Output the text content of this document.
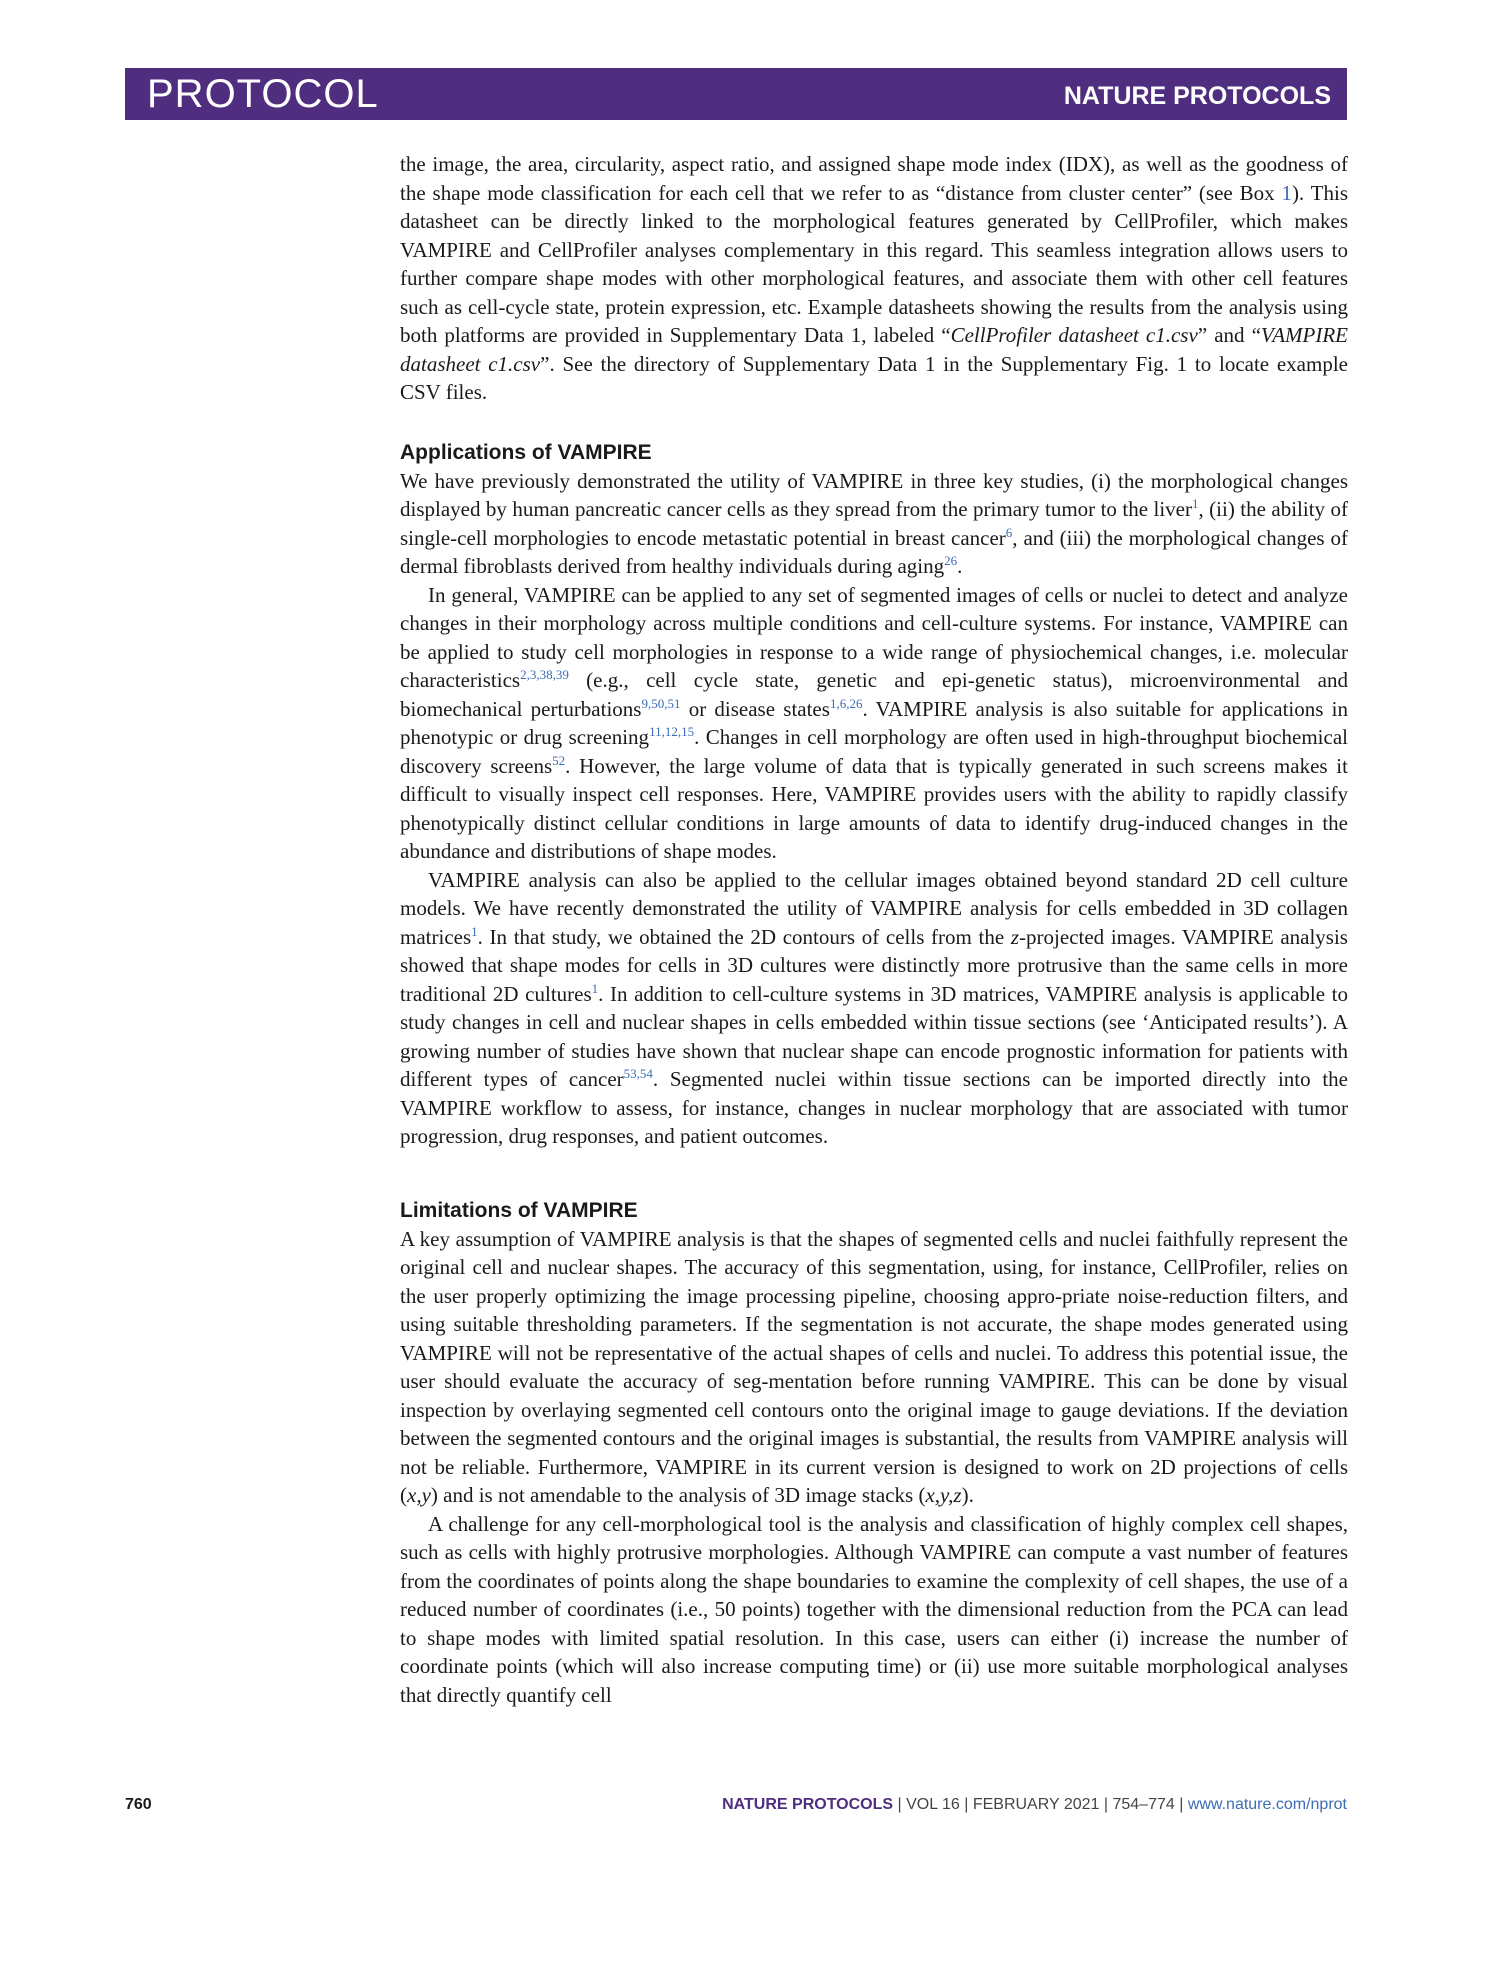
PROTOCOL	NATURE PROTOCOLS

the image, the area, circularity, aspect ratio, and assigned shape mode index (IDX), as well as the goodness of the shape mode classification for each cell that we refer to as “distance from cluster center” (see Box 1). This datasheet can be directly linked to the morphological features generated by CellProfiler, which makes VAMPIRE and CellProfiler analyses complementary in this regard. This seamless integration allows users to further compare shape modes with other morphological features, and associate them with other cell features such as cell-cycle state, protein expression, etc. Example datasheets showing the results from the analysis using both platforms are provided in Supplementary Data 1, labeled “CellProfiler datasheet c1.csv” and “VAMPIRE datasheet c1.csv”. See the directory of Supplementary Data 1 in the Supplementary Fig. 1 to locate example CSV files.

Applications of VAMPIRE

We have previously demonstrated the utility of VAMPIRE in three key studies, (i) the morphological changes displayed by human pancreatic cancer cells as they spread from the primary tumor to the liver$^1$, (ii) the ability of single-cell morphologies to encode metastatic potential in breast cancer$^6$, and (iii) the morphological changes of dermal fibroblasts derived from healthy individuals during aging$^{26}$.

In general, VAMPIRE can be applied to any set of segmented images of cells or nuclei to detect and analyze changes in their morphology across multiple conditions and cell-culture systems. For instance, VAMPIRE can be applied to study cell morphologies in response to a wide range of physiochemical changes, i.e. molecular characteristics$^{2,3,38,39}$ (e.g., cell cycle state, genetic and epi-genetic status), microenvironmental and biomechanical perturbations$^{9,50,51}$ or disease states$^{1,6,26}$. VAMPIRE analysis is also suitable for applications in phenotypic or drug screening$^{11,12,15}$. Changes in cell morphology are often used in high-throughput biochemical discovery screens$^{52}$. However, the large volume of data that is typically generated in such screens makes it difficult to visually inspect cell responses. Here, VAMPIRE provides users with the ability to rapidly classify phenotypically distinct cellular conditions in large amounts of data to identify drug-induced changes in the abundance and distributions of shape modes.

VAMPIRE analysis can also be applied to the cellular images obtained beyond standard 2D cell culture models. We have recently demonstrated the utility of VAMPIRE analysis for cells embedded in 3D collagen matrices$^1$. In that study, we obtained the 2D contours of cells from the z-projected images. VAMPIRE analysis showed that shape modes for cells in 3D cultures were distinctly more protrusive than the same cells in more traditional 2D cultures$^1$. In addition to cell-culture systems in 3D matrices, VAMPIRE analysis is applicable to study changes in cell and nuclear shapes in cells embedded within tissue sections (see ‘Anticipated results’). A growing number of studies have shown that nuclear shape can encode prognostic information for patients with different types of cancer$^{53,54}$. Segmented nuclei within tissue sections can be imported directly into the VAMPIRE workflow to assess, for instance, changes in nuclear morphology that are associated with tumor progression, drug responses, and patient outcomes.

Limitations of VAMPIRE

A key assumption of VAMPIRE analysis is that the shapes of segmented cells and nuclei faithfully represent the original cell and nuclear shapes. The accuracy of this segmentation, using, for instance, CellProfiler, relies on the user properly optimizing the image processing pipeline, choosing appro-priate noise-reduction filters, and using suitable thresholding parameters. If the segmentation is not accurate, the shape modes generated using VAMPIRE will not be representative of the actual shapes of cells and nuclei. To address this potential issue, the user should evaluate the accuracy of seg-mentation before running VAMPIRE. This can be done by visual inspection by overlaying segmented cell contours onto the original image to gauge deviations. If the deviation between the segmented contours and the original images is substantial, the results from VAMPIRE analysis will not be reliable. Furthermore, VAMPIRE in its current version is designed to work on 2D projections of cells (x,y) and is not amendable to the analysis of 3D image stacks (x,y,z).

A challenge for any cell-morphological tool is the analysis and classification of highly complex cell shapes, such as cells with highly protrusive morphologies. Although VAMPIRE can compute a vast number of features from the coordinates of points along the shape boundaries to examine the complexity of cell shapes, the use of a reduced number of coordinates (i.e., 50 points) together with the dimensional reduction from the PCA can lead to shape modes with limited spatial resolution. In this case, users can either (i) increase the number of coordinate points (which will also increase computing time) or (ii) use more suitable morphological analyses that directly quantify cell

760	NATURE PROTOCOLS | VOL 16 | FEBRUARY 2021 | 754–774 | www.nature.com/nprot
